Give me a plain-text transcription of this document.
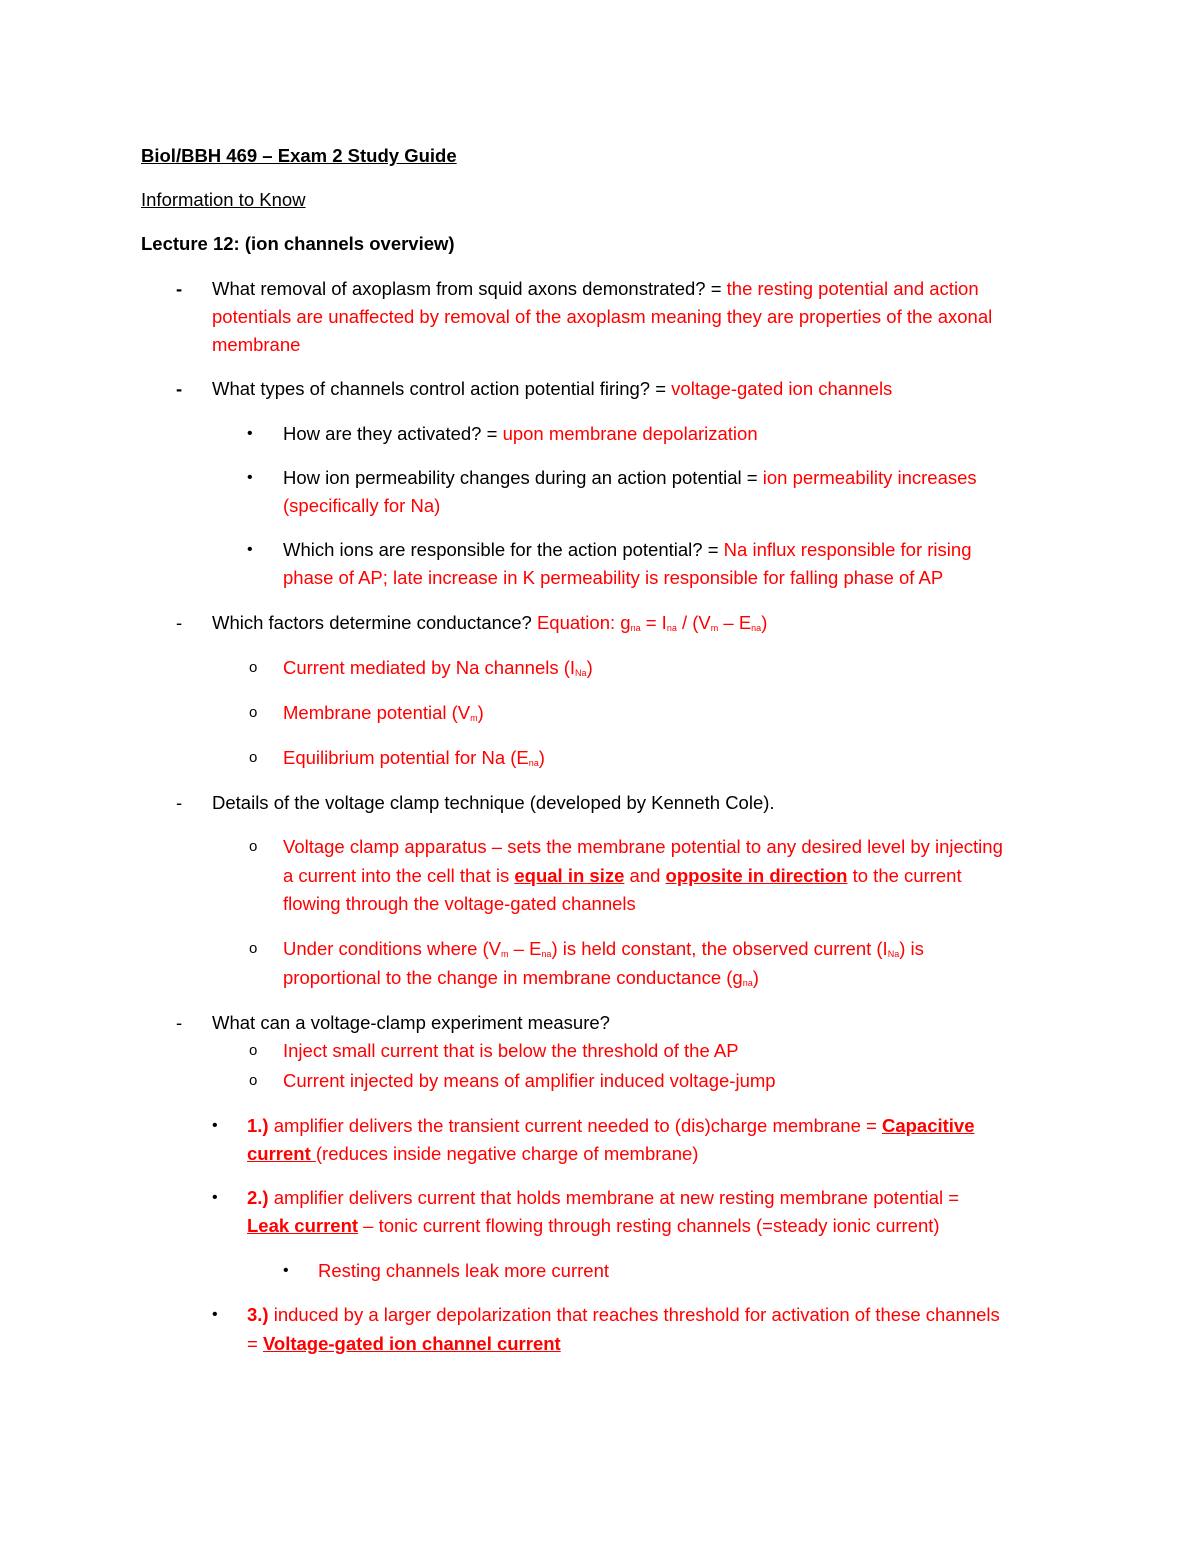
Biol/BBH 469 – Exam 2 Study Guide
Information to Know
Lecture 12: (ion channels overview)
- What removal of axoplasm from squid axons demonstrated? = the resting potential and action
potentials are unaffected by removal of the axoplasm meaning they are properties of the axonal
membrane
- What types of channels control action potential firing? = voltage-gated ion channels
• How are they activated? = upon membrane depolarization
• How ion permeability changes during an action potential = ion permeability increases
(specifically for Na)
• Which ions are responsible for the action potential? = Na influx responsible for rising
phase of AP; late increase in K permeability is responsible for falling phase of AP
- Which factors determine conductance? Equation: $g_{na} = I_{na} / (V_m - E_{na})$
o Current mediated by Na channels $(I_{Na})$
o Membrane potential $(V_m)$
o Equilibrium potential for Na $(E_{na})$
- Details of the voltage clamp technique (developed by Kenneth Cole).
o Voltage clamp apparatus – sets the membrane potential to any desired level by injecting
a current into the cell that is equal in size and opposite in direction to the current
flowing through the voltage-gated channels
o Under conditions where $(V_m - E_{na})$ is held constant, the observed current $(I_{Na})$ is
proportional to the change in membrane conductance $(g_{na})$
- What can a voltage-clamp experiment measure?
o Inject small current that is below the threshold of the AP
o Current injected by means of amplifier induced voltage-jump
• 1.) amplifier delivers the transient current needed to (dis)charge membrane = Capacitive
current (reduces inside negative charge of membrane)
• 2.) amplifier delivers current that holds membrane at new resting membrane potential =
Leak current – tonic current flowing through resting channels (=steady ionic current)
• Resting channels leak more current
• 3.) induced by a larger depolarization that reaches threshold for activation of these channels
= Voltage-gated ion channel current
